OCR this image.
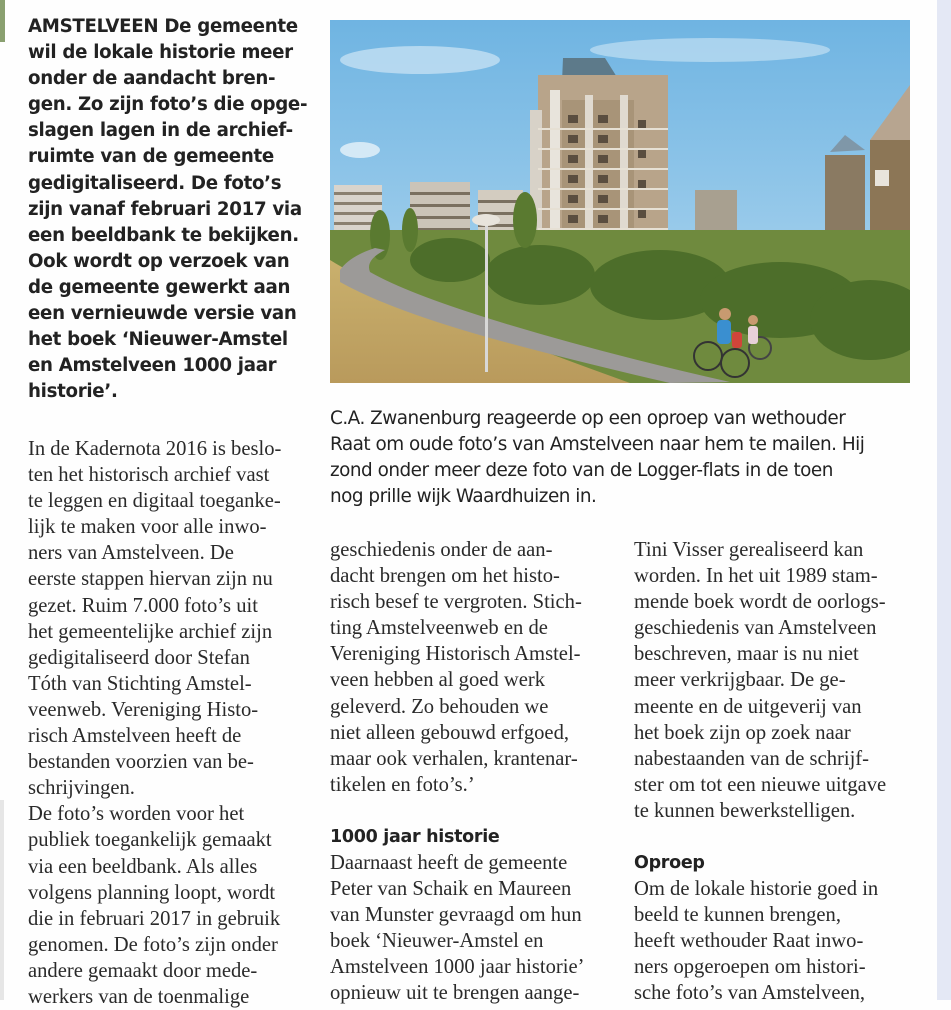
AMSTELVEEN De gemeente
wil de lokale historie meer
onder de aandacht bren-
gen. Zo zijn foto’s die opge-
slagen lagen in de archief-
ruimte van de gemeente
gedigitaliseerd. De foto’s
zijn vanaf februari 2017 via
een beeldbank te bekijken.
Ook wordt op verzoek van
de gemeente gewerkt aan
een vernieuwde versie van
het boek ‘Nieuwer-Amstel
en Amstelveen 1000 jaar
historie’.
C.A. Zwanenburg reageerde op een oproep van wethouder
Raat om oude foto’s van Amstelveen naar hem te mailen. Hij
zond onder meer deze foto van de Logger-flats in de toen
nog prille wijk Waardhuizen in.
In de Kadernota 2016 is beslo-
ten het historisch archief vast
te leggen en digitaal toeganke-
lijk te maken voor alle inwo-
ners van Amstelveen. De
eerste stappen hiervan zijn nu
gezet. Ruim 7.000 foto’s uit
het gemeentelijke archief zijn
gedigitaliseerd door Stefan
Tóth van Stichting Amstel-
veenweb. Vereniging Histo-
risch Amstelveen heeft de
bestanden voorzien van be-
schrijvingen.
De foto’s worden voor het
publiek toegankelijk gemaakt
via een beeldbank. Als alles
volgens planning loopt, wordt
die in februari 2017 in gebruik
genomen. De foto’s zijn onder
andere gemaakt door mede-
werkers van de toenmalige
geschiedenis onder de aan-
dacht brengen om het histo-
risch besef te vergroten. Stich-
ting Amstelveenweb en de
Vereniging Historisch Amstel-
veen hebben al goed werk
geleverd. Zo behouden we
niet alleen gebouwd erfgoed,
maar ook verhalen, krantenar-
tikelen en foto’s.’
1000 jaar historie
Daarnaast heeft de gemeente
Peter van Schaik en Maureen
van Munster gevraagd om hun
boek ‘Nieuwer-Amstel en
Amstelveen 1000 jaar historie’
opnieuw uit te brengen aange-
Tini Visser gerealiseerd kan
worden. In het uit 1989 stam-
mende boek wordt de oorlogs-
geschiedenis van Amstelveen
beschreven, maar is nu niet
meer verkrijgbaar. De ge-
meente en de uitgeverij van
het boek zijn op zoek naar
nabestaanden van de schrijf-
ster om tot een nieuwe uitgave
te kunnen bewerkstelligen.
Oproep
Om de lokale historie goed in
beeld te kunnen brengen,
heeft wethouder Raat inwo-
ners opgeroepen om histori-
sche foto’s van Amstelveen,
